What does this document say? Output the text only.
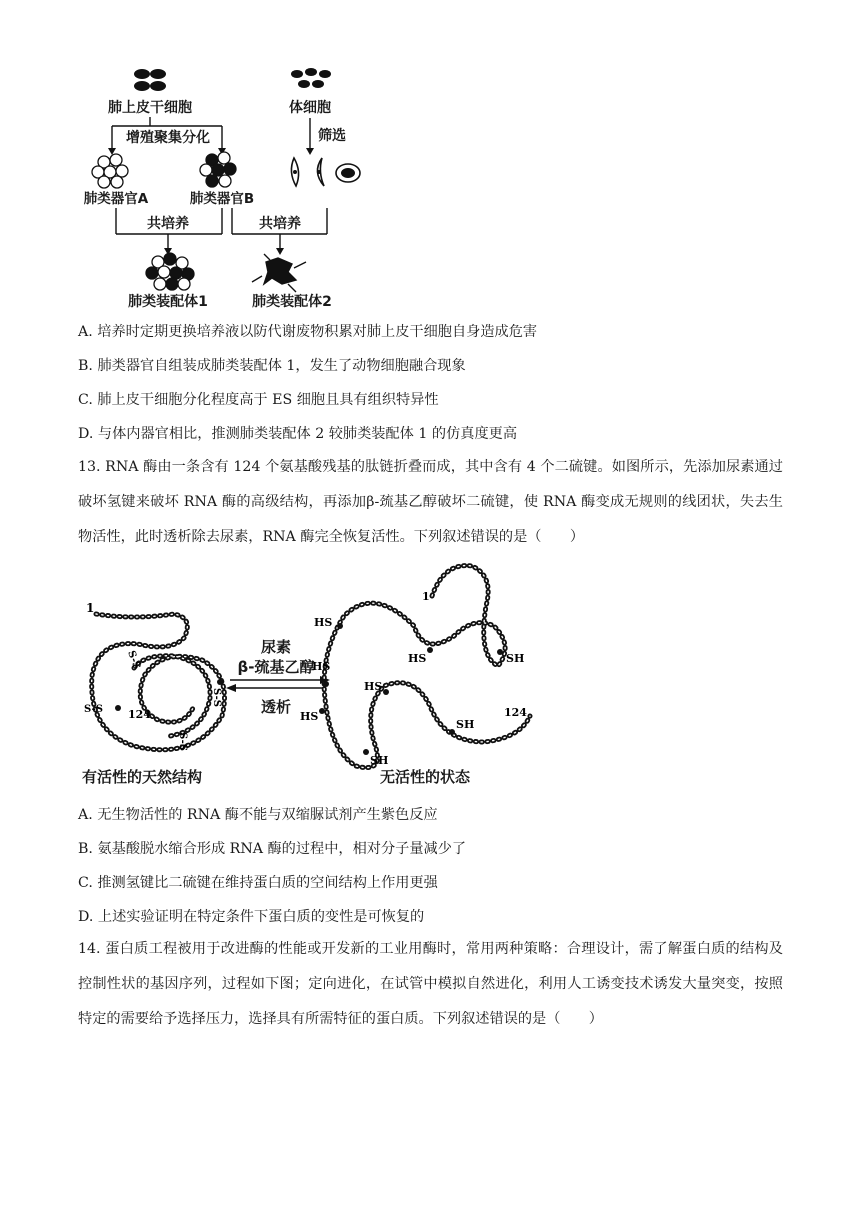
肺上皮干细胞
增殖聚集分化
肺类器官A	肺类器官B
体细胞
筛选
共培养	共培养
肺类装配体1	肺类装配体2
A. 培养时定期更换培养液以防代谢废物积累对肺上皮干细胞自身造成危害
B. 肺类器官自组装成肺类装配体 1，发生了动物细胞融合现象
C. 肺上皮干细胞分化程度高于 ES 细胞且具有组织特异性
D. 与体内器官相比，推测肺类装配体 2 较肺类装配体 1 的仿真度更高
13. RNA 酶由一条含有 124 个氨基酸残基的肽链折叠而成，其中含有 4 个二硫键。如图所示，先添加尿素通过破坏氢键来破坏 RNA 酶的高级结构，再添加β-巯基乙醇破坏二硫键，使 RNA 酶变成无规则的线团状，失去生物活性，此时透析除去尿素，RNA 酶完全恢复活性。下列叙述错误的是（　　）
1
S-S
S-S
S-S
S-S
124
尿素
β-巯基乙醇
透析
1
HS
HS
HS
HS
HS
SH
SH
SH
124
有活性的天然结构	无活性的状态
A. 无生物活性的 RNA 酶不能与双缩脲试剂产生紫色反应
B. 氨基酸脱水缩合形成 RNA 酶的过程中，相对分子量减少了
C. 推测氢键比二硫键在维持蛋白质的空间结构上作用更强
D. 上述实验证明在特定条件下蛋白质的变性是可恢复的
14. 蛋白质工程被用于改进酶的性能或开发新的工业用酶时，常用两种策略：合理设计，需了解蛋白质的结构及控制性状的基因序列，过程如下图；定向进化，在试管中模拟自然进化，利用人工诱变技术诱发大量突变，按照特定的需要给予选择压力，选择具有所需特征的蛋白质。下列叙述错误的是（　　）
